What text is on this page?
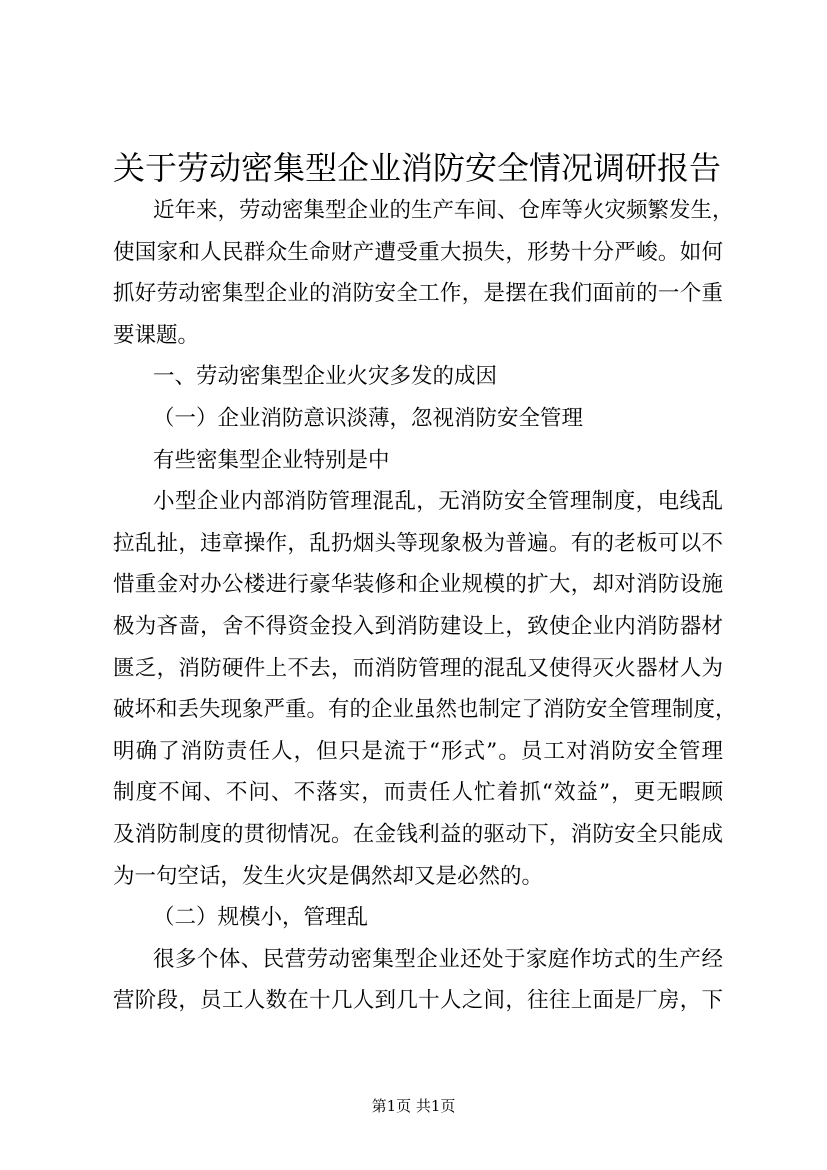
关于劳动密集型企业消防安全情况调研报告
近年来，劳动密集型企业的生产车间、仓库等火灾频繁发生，
使国家和人民群众生命财产遭受重大损失，形势十分严峻。如何
抓好劳动密集型企业的消防安全工作，是摆在我们面前的一个重
要课题。
一、劳动密集型企业火灾多发的成因
（一）企业消防意识淡薄，忽视消防安全管理
有些密集型企业特别是中
小型企业内部消防管理混乱，无消防安全管理制度，电线乱
拉乱扯，违章操作，乱扔烟头等现象极为普遍。有的老板可以不
惜重金对办公楼进行豪华装修和企业规模的扩大，却对消防设施
极为吝啬，舍不得资金投入到消防建设上，致使企业内消防器材
匮乏，消防硬件上不去，而消防管理的混乱又使得灭火器材人为
破坏和丢失现象严重。有的企业虽然也制定了消防安全管理制度，
明确了消防责任人，但只是流于“形式”。员工对消防安全管理
制度不闻、不问、不落实，而责任人忙着抓“效益”，更无暇顾
及消防制度的贯彻情况。在金钱利益的驱动下，消防安全只能成
为一句空话，发生火灾是偶然却又是必然的。
（二）规模小，管理乱
很多个体、民营劳动密集型企业还处于家庭作坊式的生产经
营阶段，员工人数在十几人到几十人之间，往往上面是厂房，下
第1页 共1页
